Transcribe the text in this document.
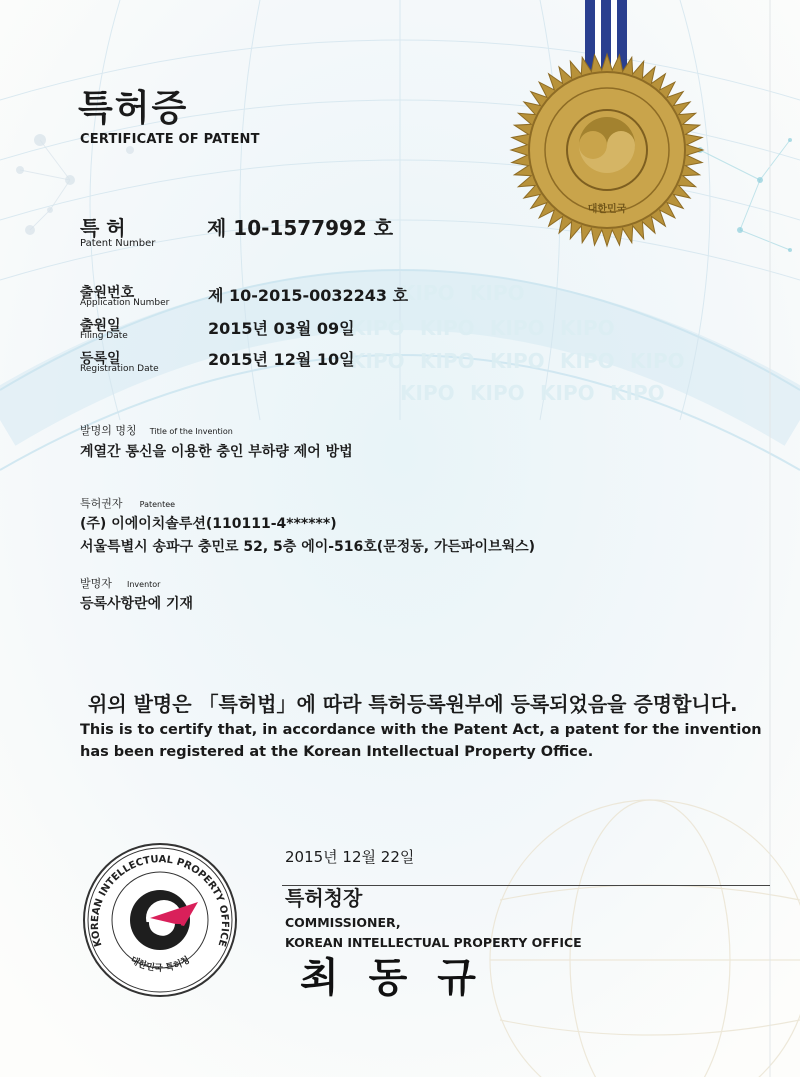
KIPO KIPO
KIPO KIPO KIPO KIPO
KIPO KIPO KIPO KIPO KIPO
KIPO KIPO KIPO KIPO
대한민국
특허증
CERTIFICATE OF PATENT
특 허
Patent Number
제 10-1577992 호
출원번호
Application Number 제 10-2015-0032243 호
출원일
Filing Date	2015년 03월 09일
등록일
Registration Date	2015년 12월 10일
발명의 명칭 Title of the Invention
계열간 통신을 이용한 충인 부하량 제어 방법
특허권자 Patentee
(주) 이에이치솔루션(110111-4******)
서울특별시 송파구 충민로 52, 5층 에이-516호(문정동, 가든파이브웍스)
발명자 Inventor
등록사항란에 기재
위의 발명은 「특허법」에 따라 특허등록원부에 등록되었음을 증명합니다.
This is to certify that, in accordance with the Patent Act, a patent for the invention
has been registered at the Korean Intellectual Property Office.
2015년 12월 22일
특허청장
COMMISSIONER,
KOREAN INTELLECTUAL PROPERTY OFFICE
최동규
KOREAN INTELLECTUAL PROPERTY OFFICE
대한민국 특허청
